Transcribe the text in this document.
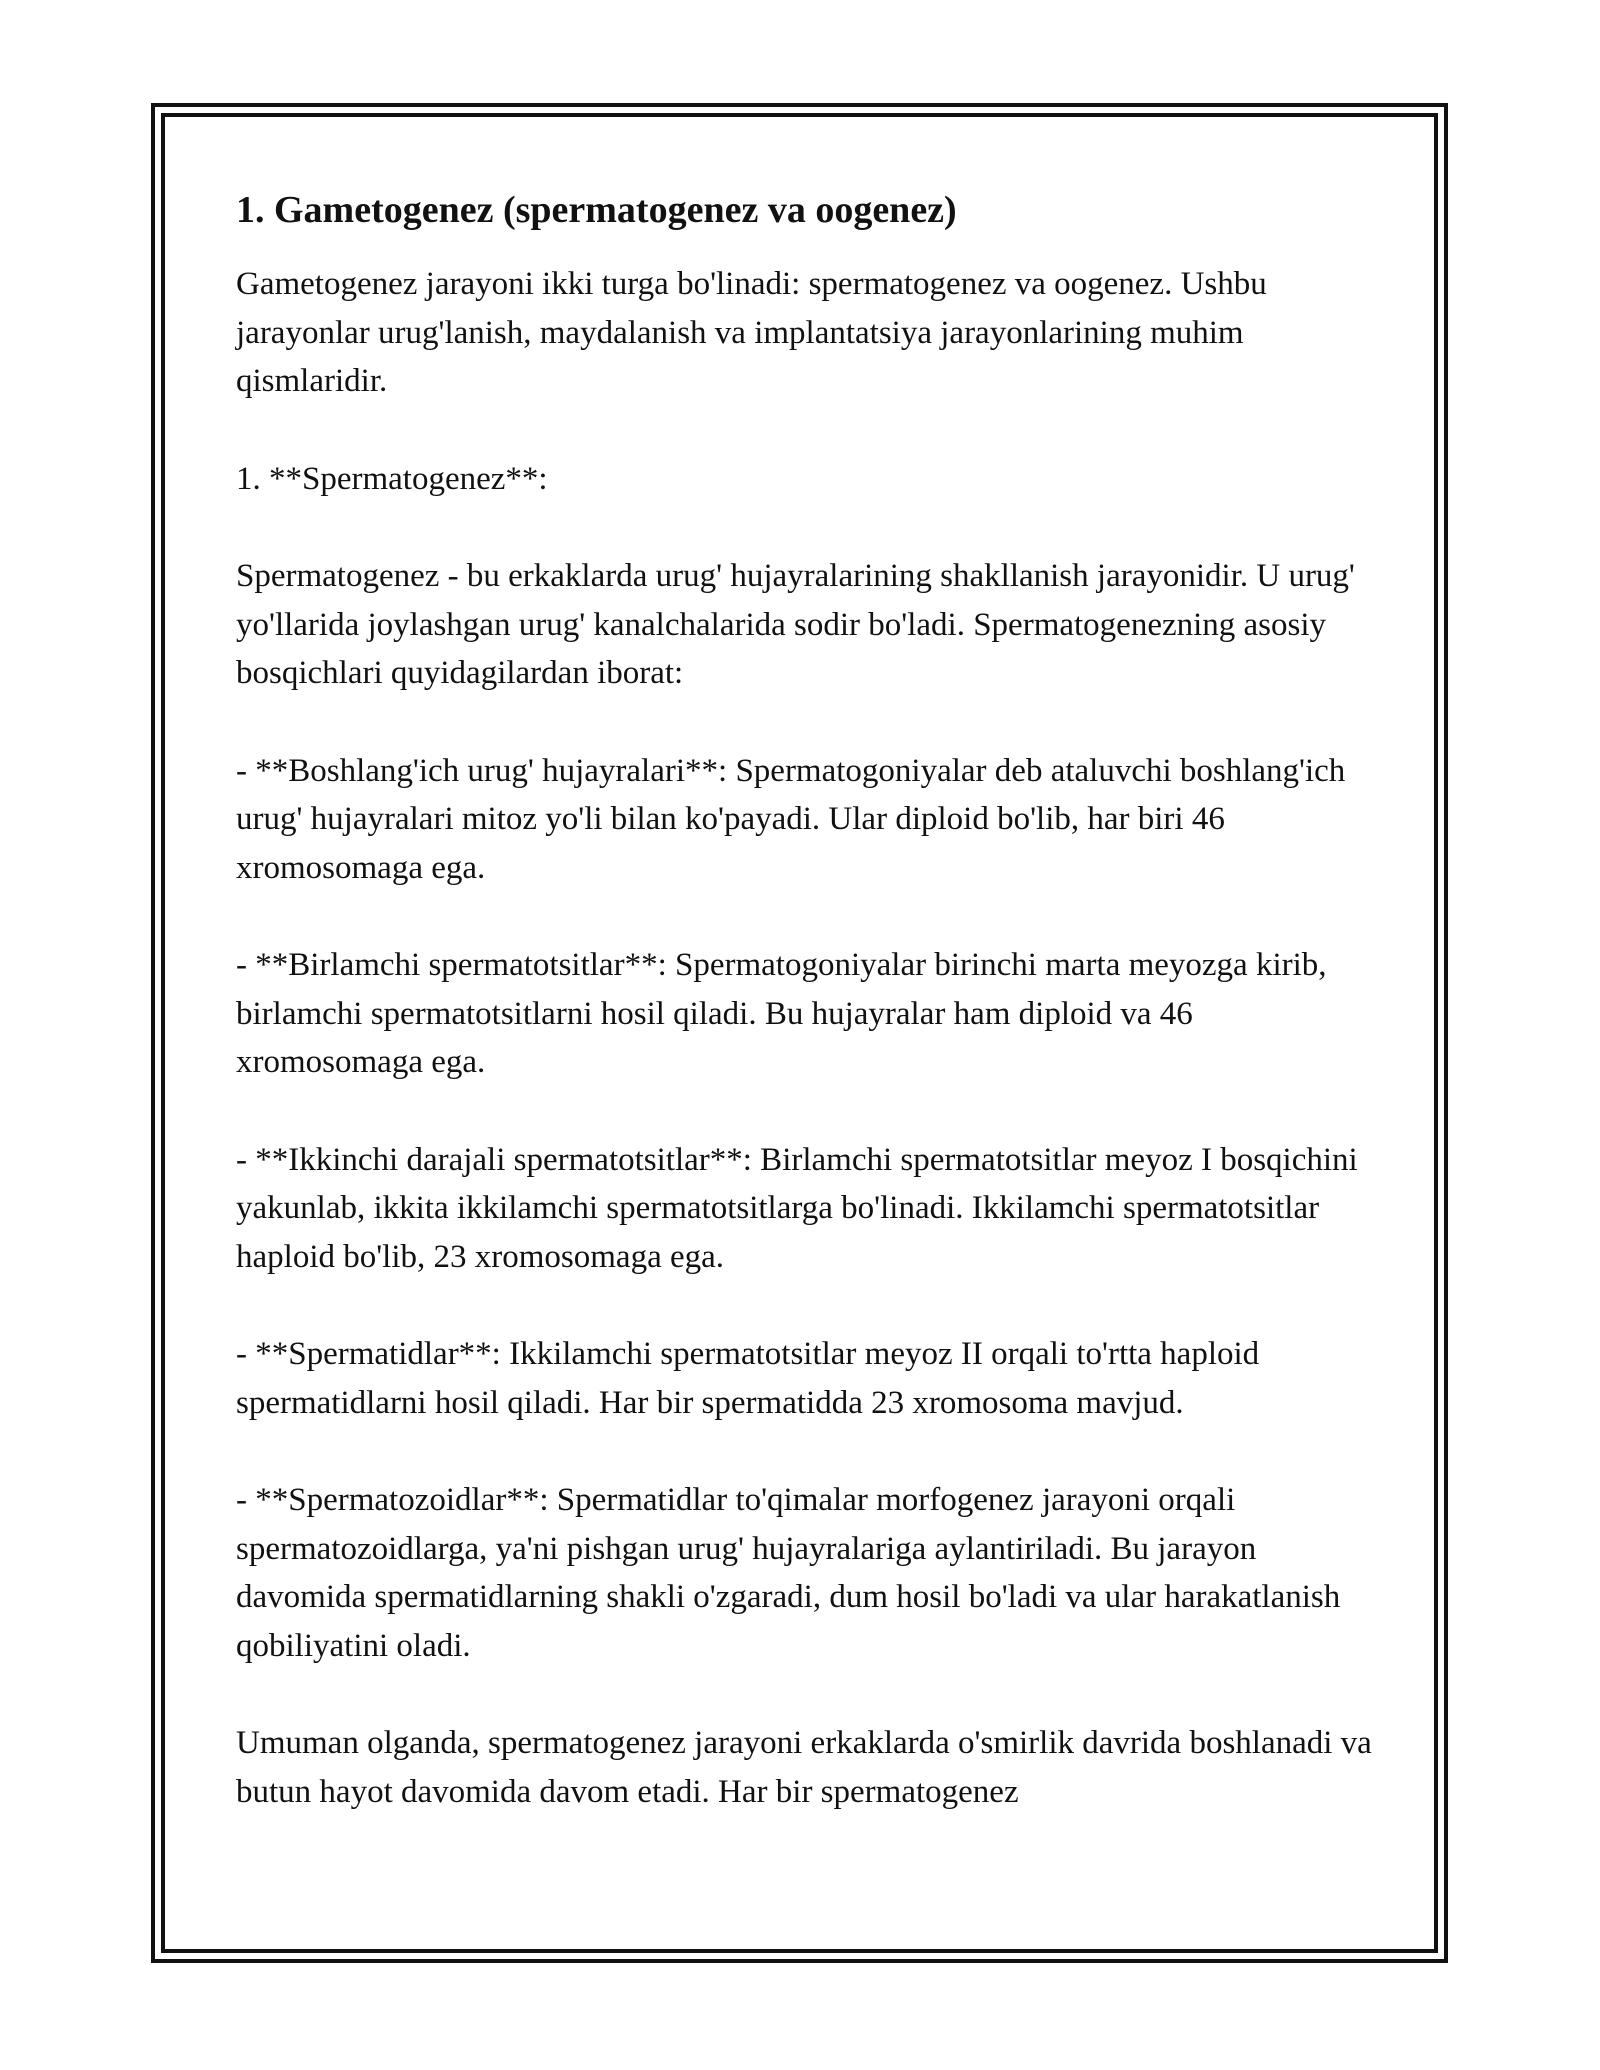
1. Gametogenez (spermatogenez va oogenez)

Gametogenez jarayoni ikki turga bo'linadi: spermatogenez va oogenez. Ushbu jarayonlar urug'lanish, maydalanish va implantatsiya jarayonlarining muhim qismlaridir.

1. **Spermatogenez**:

Spermatogenez - bu erkaklarda urug' hujayralarining shakllanish jarayonidir. U urug' yo'llarida joylashgan urug' kanalchalarida sodir bo'ladi. Spermatogenezning asosiy bosqichlari quyidagilardan iborat:

- **Boshlang'ich urug' hujayralari**: Spermatogoniyalar deb ataluvchi boshlang'ich urug' hujayralari mitoz yo'li bilan ko'payadi. Ular diploid bo'lib, har biri 46 xromosomaga ega.

- **Birlamchi spermatotsitlar**: Spermatogoniyalar birinchi marta meyozga kirib, birlamchi spermatotsitlarni hosil qiladi. Bu hujayralar ham diploid va 46 xromosomaga ega.

- **Ikkinchi darajali spermatotsitlar**: Birlamchi spermatotsitlar meyoz I bosqichini yakunlab, ikkita ikkilamchi spermatotsitlarga bo'linadi. Ikkilamchi spermatotsitlar haploid bo'lib, 23 xromosomaga ega.

- **Spermatidlar**: Ikkilamchi spermatotsitlar meyoz II orqali to'rtta haploid spermatidlarni hosil qiladi. Har bir spermatidda 23 xromosoma mavjud.

- **Spermatozoidlar**: Spermatidlar to'qimalar morfogenez jarayoni orqali spermatozoidlarga, ya'ni pishgan urug' hujayralariga aylantiriladi. Bu jarayon davomida spermatidlarning shakli o'zgaradi, dum hosil bo'ladi va ular harakatlanish qobiliyatini oladi.

Umuman olganda, spermatogenez jarayoni erkaklarda o'smirlik davrida boshlanadi va butun hayot davomida davom etadi. Har bir spermatogenez
